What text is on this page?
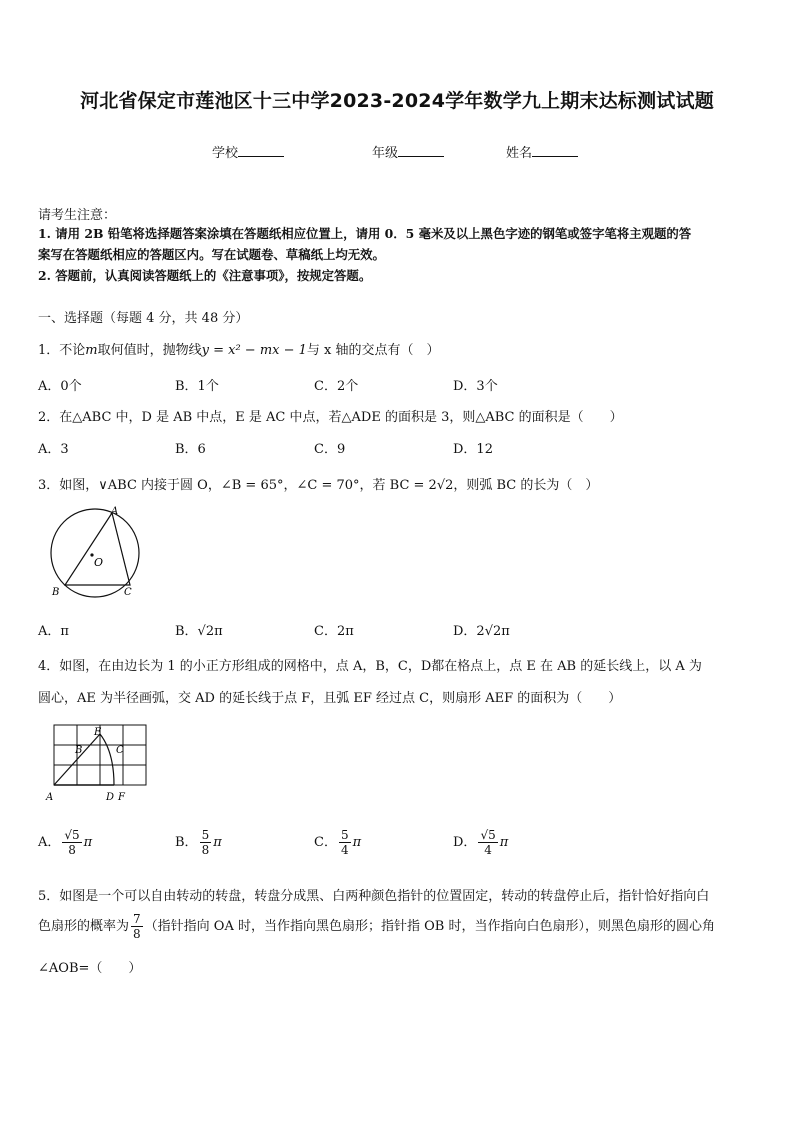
河北省保定市莲池区十三中学2023-2024学年数学九上期末达标测试试题
学校	年级	姓名
请考生注意：
1. 请用 2B 铅笔将选择题答案涂填在答题纸相应位置上，请用 0．5 毫米及以上黑色字迹的钢笔或签字笔将主观题的答
案写在答题纸相应的答题区内。写在试题卷、草稿纸上均无效。
2. 答题前，认真阅读答题纸上的《注意事项》，按规定答题。
一、选择题（每题 4 分，共 48 分）
1．不论m取何值时，抛物线y = x² − mx − 1与 x 轴的交点有（　）
A．0个	B．1个	C．2个	D．3个
2．在△ABC 中，D 是 AB 中点，E 是 AC 中点，若△ADE 的面积是 3，则△ABC 的面积是（　　）
A．3	B．6	C．9	D．12
3．如图，∨ABC 内接于圆 O，∠B = 65°，∠C = 70°，若 BC = 2√2，则弧 BC 的长为（　）
A
O
B	C
A．π	B．√2π	C．2π	D．2√2π
4．如图，在由边长为 1 的小正方形组成的网格中，点 A，B，C，D都在格点上，点 E 在 AB 的延长线上，以 A 为
圆心，AE 为半径画弧，交 AD 的延长线于点 F，且弧 EF 经过点 C，则扇形 AEF 的面积为（　　）
A
B	C
D
E
F
A． $\frac{√5}{8}$ π	B． $\frac{5}{8}$ π	C． $\frac{5}{4}$ π	D． $\frac{√5}{4}$ π
5．如图是一个可以自由转动的转盘，转盘分成黑、白两种颜色指针的位置固定，转动的转盘停止后，指针恰好指向白
色扇形的概率为 $\frac{7}{8}$ （指针指向 OA 时，当作指向黑色扇形；指针指 OB 时，当作指向白色扇形），则黑色扇形的圆心角
∠AOB=（　　）
